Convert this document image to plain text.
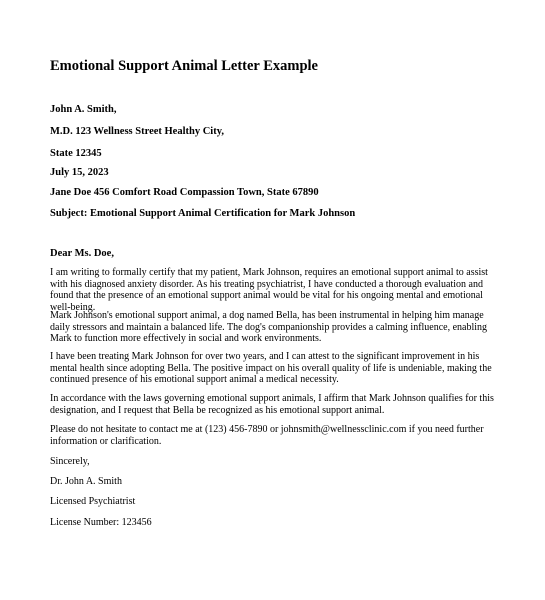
Emotional Support Animal Letter Example

John A. Smith,

M.D. 123 Wellness Street Healthy City,

State 12345

July 15, 2023

Jane Doe 456 Comfort Road Compassion Town, State 67890

Subject: Emotional Support Animal Certification for Mark Johnson

Dear Ms. Doe,

I am writing to formally certify that my patient, Mark Johnson, requires an emotional support animal to assist with his diagnosed anxiety disorder. As his treating psychiatrist, I have conducted a thorough evaluation and found that the presence of an emotional support animal would be vital for his ongoing mental and emotional well-being.

Mark Johnson's emotional support animal, a dog named Bella, has been instrumental in helping him manage daily stressors and maintain a balanced life. The dog's companionship provides a calming influence, enabling Mark to function more effectively in social and work environments.

I have been treating Mark Johnson for over two years, and I can attest to the significant improvement in his mental health since adopting Bella. The positive impact on his overall quality of life is undeniable, making the continued presence of his emotional support animal a medical necessity.

In accordance with the laws governing emotional support animals, I affirm that Mark Johnson qualifies for this designation, and I request that Bella be recognized as his emotional support animal.

Please do not hesitate to contact me at (123) 456-7890 or johnsmith@wellnessclinic.com if you need further information or clarification.

Sincerely,

Dr. John A. Smith

Licensed Psychiatrist

License Number: 123456
